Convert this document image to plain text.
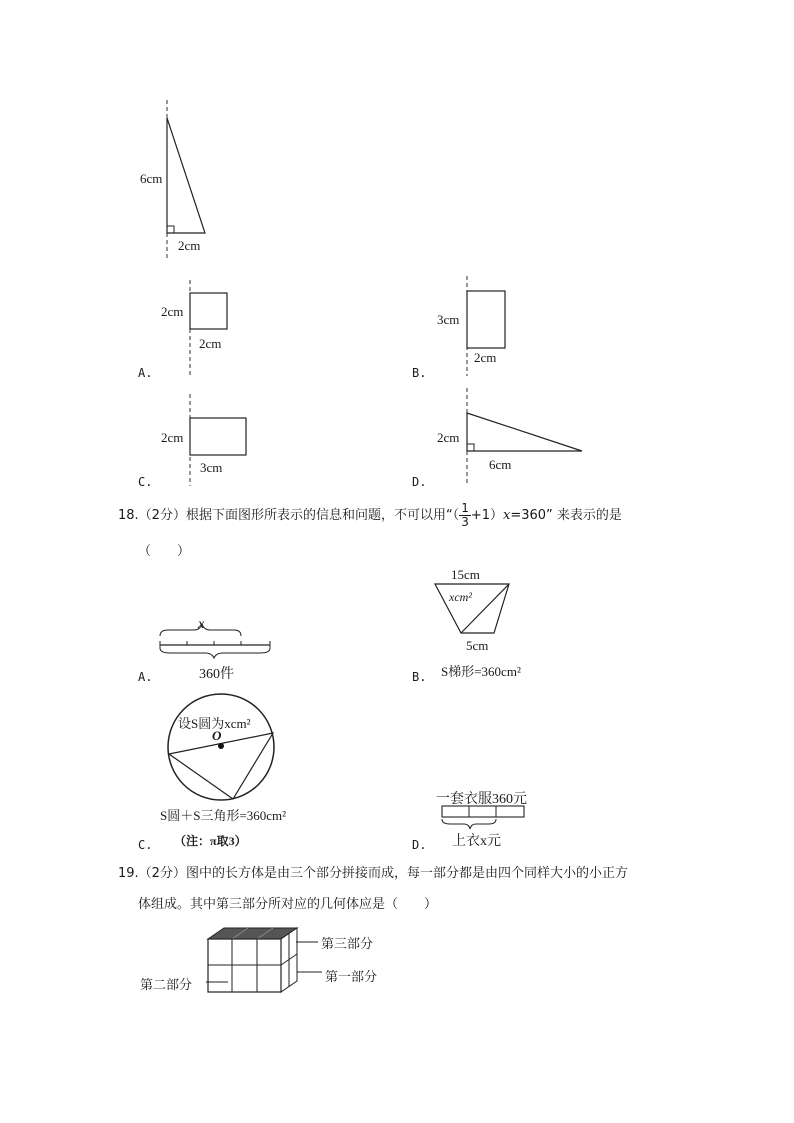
6cm
2cm
2cm
2cm
A.
3cm
2cm
B.
2cm
3cm
C.
2cm
6cm
D.
18.（2分）根据下面图形所表示的信息和问题，不可以用“（ $\frac{1}{3} +1)x=360$” 来表示的是
（　　）
x
360件
A.
15cm
xcm²
5cm
S梯形=360cm²
B.
设S圆为xcm²
O
S圆＋S三角形=360cm²
（注：π取3）
C.
一套衣服360元
上衣x元
D.
19.（2分）图中的长方体是由三个部分拼接而成，每一部分都是由四个同样大小的小正方
体组成。其中第三部分所对应的几何体应是（　　）
第三部分
第一部分
第二部分
